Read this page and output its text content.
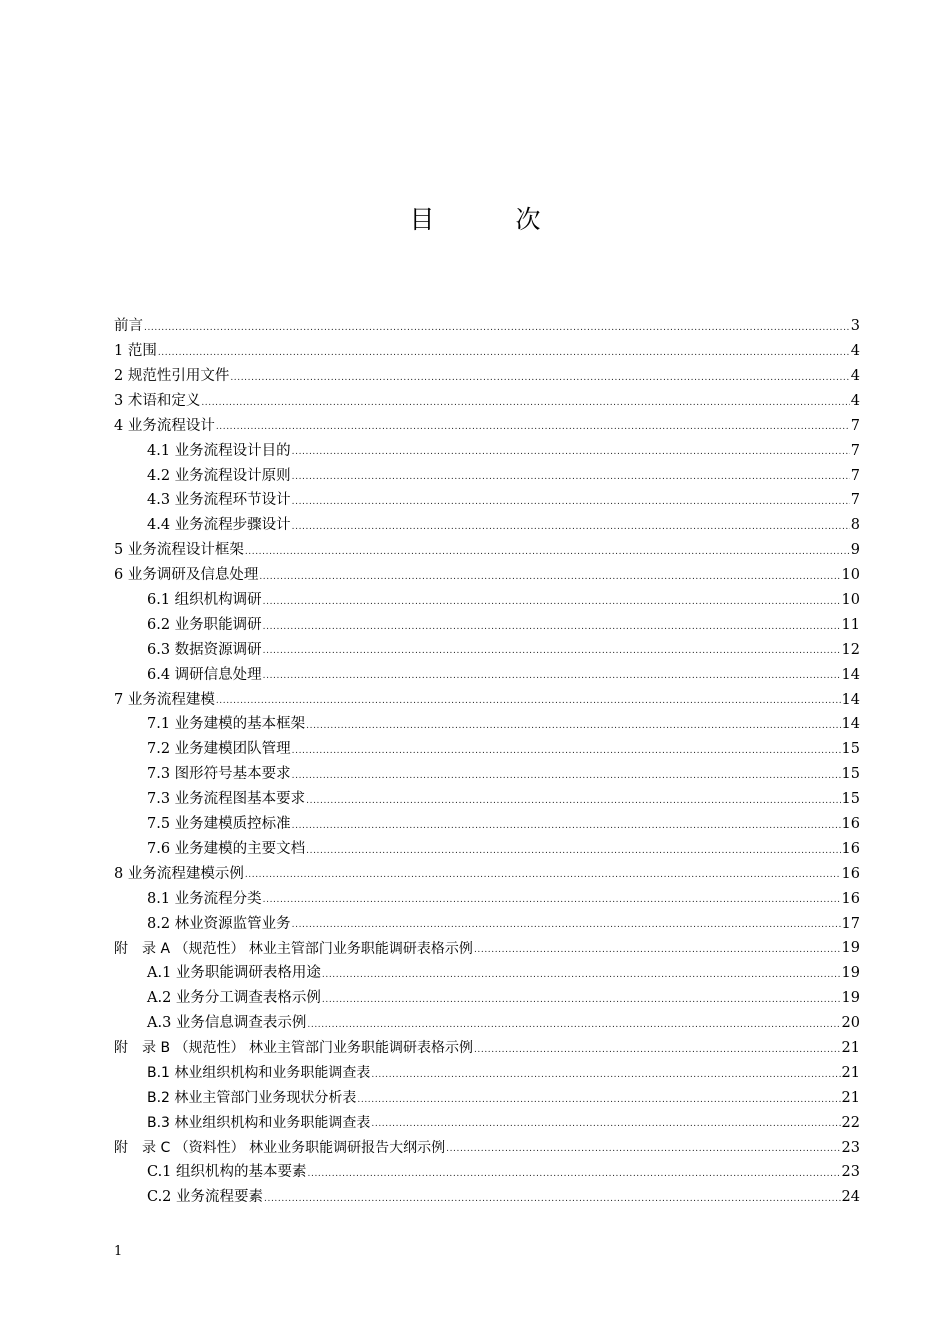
目　次
前言 .....	3
1 范围 .....	4
2 规范性引用文件 .....	4
3 术语和定义 .....	4
4 业务流程设计 .....	7
4.1 业务流程设计目的 .....	7
4.2 业务流程设计原则 .....	7
4.3 业务流程环节设计 .....	7
4.4 业务流程步骤设计 .....	8
5 业务流程设计框架 .....	9
6 业务调研及信息处理 .....	10
6.1 组织机构调研 .....	10
6.2 业务职能调研 .....	11
6.3 数据资源调研 .....	12
6.4 调研信息处理 .....	14
7 业务流程建模 .....	14
7.1 业务建模的基本框架 .....	14
7.2 业务建模团队管理 .....	15
7.3 图形符号基本要求 .....	15
7.3 业务流程图基本要求 .....	15
7.5 业务建模质控标准 .....	16
7.6 业务建模的主要文档 .....	16
8 业务流程建模示例 .....	16
8.1 业务流程分类 .....	16
8.2 林业资源监管业务 .....	17
附　录 A （规范性） 林业主管部门业务职能调研表格示例 .....	19
A.1 业务职能调研表格用途 .....	19
A.2 业务分工调查表格示例 .....	19
A.3 业务信息调查表示例 .....	20
附　录 B （规范性） 林业主管部门业务职能调研表格示例 .....	21
B.1 林业组织机构和业务职能调查表 .....	21
B.2 林业主管部门业务现状分析表 .....	21
B.3 林业组织机构和业务职能调查表 .....	22
附　录 C （资料性） 林业业务职能调研报告大纲示例 .....	23
C.1 组织机构的基本要素 .....	23
C.2 业务流程要素 .....	24
1
